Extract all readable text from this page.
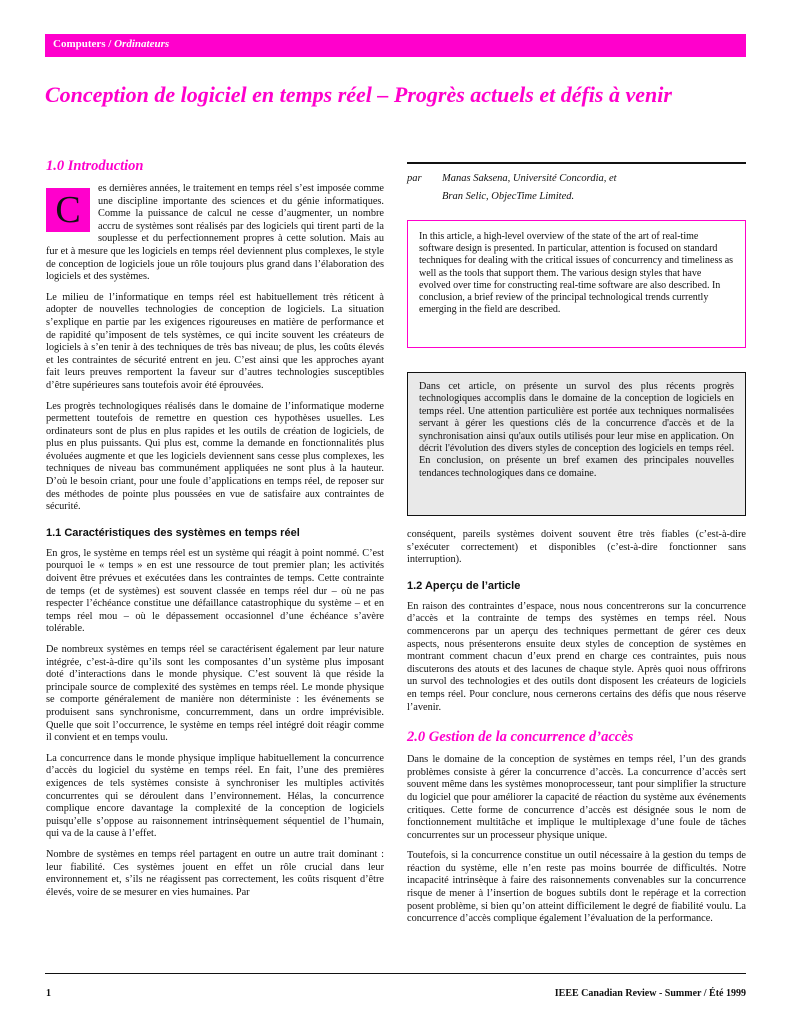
Computers / Ordinateurs
Conception de logiciel en temps réel – Progrès actuels et défis à venir
1.0 Introduction

C
es dernières années, le traitement en temps réel s’est imposée comme une discipline importante des sciences et du génie informatiques. Comme la puissance de calcul ne cesse d’augmenter, un nombre accru de systèmes sont réalisés par des logiciels qui tirent parti de la souplesse et du perfectionnement propres à cette solution. Mais au fur et à mesure que les logiciels en temps réel deviennent plus complexes, le style de conception de logiciels joue un rôle toujours plus grand dans l’élaboration des logiciels et des systèmes.

Le milieu de l’informatique en temps réel est habituellement très réticent à adopter de nouvelles technologies de conception de logiciels. La situation s’explique en partie par les exigences rigoureuses en matière de performance et de rapidité qu’imposent de tels systèmes, ce qui incite souvent les créateurs de logiciels à s’en tenir à des techniques de très bas niveau; de plus, les coûts élevés et les contraintes de sécurité entrent en jeu. C’est ainsi que les approches ayant fait leurs preuves remportent la faveur sur d’autres technologies susceptibles d’être supérieures sans toutefois avoir été éprouvées.

Les progrès technologiques réalisés dans le domaine de l’informatique moderne permettent toutefois de remettre en question ces hypothèses usuelles. Les ordinateurs sont de plus en plus rapides et les outils de création de logiciels, de plus en plus puissants. Qui plus est, comme la demande en fonctionnalités plus évoluées augmente et que les logiciels deviennent sans cesse plus complexes, les techniques de niveau bas communément appliquées ne sont plus à la hauteur. D’où le besoin criant, pour une foule d’applications en temps réel, de reposer sur des méthodes de pointe plus poussées en vue de satisfaire aux contraintes de sécurité.

1.1 Caractéristiques des systèmes en temps réel

En gros, le système en temps réel est un système qui réagit à point nommé. C’est pourquoi le « temps » en est une ressource de tout premier plan; les activités doivent être prévues et exécutées dans les contraintes de temps. Cette contrainte de temps (et de systèmes) est souvent classée en temps réel dur – où ne pas respecter l’échéance constitue une défaillance catastrophique du système – et en temps réel mou – où le dépassement occasionnel d’une échéance s’avère tolérable.

De nombreux systèmes en temps réel se caractérisent également par leur nature intégrée, c’est-à-dire qu’ils sont les composantes d’un système plus imposant doté d’interactions dans le monde physique. C’est souvent là que réside la principale source de complexité des systèmes en temps réel. Le monde physique se comporte généralement de manière non déterministe : les événements se produisent sans synchronisme, concurremment, dans un ordre imprévisible. Quelle que soit l’occurrence, le système en temps réel intégré doit réagir comme il convient et en temps voulu.

La concurrence dans le monde physique implique habituellement la concurrence d’accès du logiciel du système en temps réel. En fait, l’une des premières exigences de tels systèmes consiste à synchroniser les multiples activités concurrentes qui se déroulent dans l’environnement. Hélas, la concurrence complique encore davantage la complexité de la conception de logiciels puisqu’elle s’oppose au raisonnement intrinsèquement séquentiel de l’humain, qui va de la cause à l’effet.

Nombre de systèmes en temps réel partagent en outre un autre trait dominant : leur fiabilité. Ces systèmes jouent en effet un rôle crucial dans leur environnement et, s’ils ne réagissent pas correctement, les coûts risquent d’être élevés, voire de se mesurer en vies humaines. Par

par Manas Saksena, Université Concordia, et
Bran Selic, ObjecTime Limited.
In this article, a high-level overview of the state of the art of real-time software design is presented. In particular, attention is focused on standard techniques for dealing with the critical issues of concurrency and timeliness as well as the tools that support them. The various design styles that have evolved over time for constructing real-time software are also described. In conclusion, a brief review of the principal technological trends currently emerging in the field are described.
Dans cet article, on présente un survol des plus récents progrès technologiques accomplis dans le domaine de la conception de logiciels en temps réel. Une attention particulière est portée aux techniques normalisées servant à gérer les questions clés de la concurrence d'accès et de la synchronisation ainsi qu'aux outils utilisés pour leur mise en application. On décrit l'évolution des divers styles de conception des logiciels en temps réel. En conclusion, on présente un bref examen des principales nouvelles tendances technologiques dans ce domaine.

conséquent, pareils systèmes doivent souvent être très fiables (c’est-à-dire s’exécuter correctement) et disponibles (c’est-à-dire fonctionner sans interruption).

1.2 Aperçu de l’article

En raison des contraintes d’espace, nous nous concentrerons sur la concurrence d’accès et la contrainte de temps des systèmes en temps réel. Nous commencerons par un aperçu des techniques permettant de gérer ces deux aspects, nous présenterons ensuite deux styles de conception de systèmes en montrant comment chacun d’eux prend en charge ces contraintes, puis nous discuterons des atouts et des lacunes de chaque style. Après quoi nous offrirons un survol des technologies et des outils dont disposent les créateurs de logiciels en temps réel. Pour conclure, nous cernerons certains des défis que nous réserve l’avenir.

2.0 Gestion de la concurrence d’accès

Dans le domaine de la conception de systèmes en temps réel, l’un des grands problèmes consiste à gérer la concurrence d’accès. La concurrence d’accès sert souvent même dans les systèmes monoprocesseur, tant pour simplifier la structure du logiciel que pour améliorer la capacité de réaction du système aux événements critiques. Cette forme de concurrence d’accès est désignée sous le nom de fonctionnement multitâche et implique le multiplexage d’une foule de tâches concurrentes sur un processeur physique unique.

Toutefois, si la concurrence constitue un outil nécessaire à la gestion du temps de réaction du système, elle n’en reste pas moins bourrée de difficultés. Notre incapacité intrinsèque à faire des raisonnements convenables sur la concurrence risque de mener à l’insertion de bogues subtils dont le repérage et la correction posent problème, si bien qu’on atteint difficilement le degré de fiabilité voulu. La concurrence d’accès complique également l’évaluation de la performance.

1	IEEE Canadian Review - Summer / Été 1999
